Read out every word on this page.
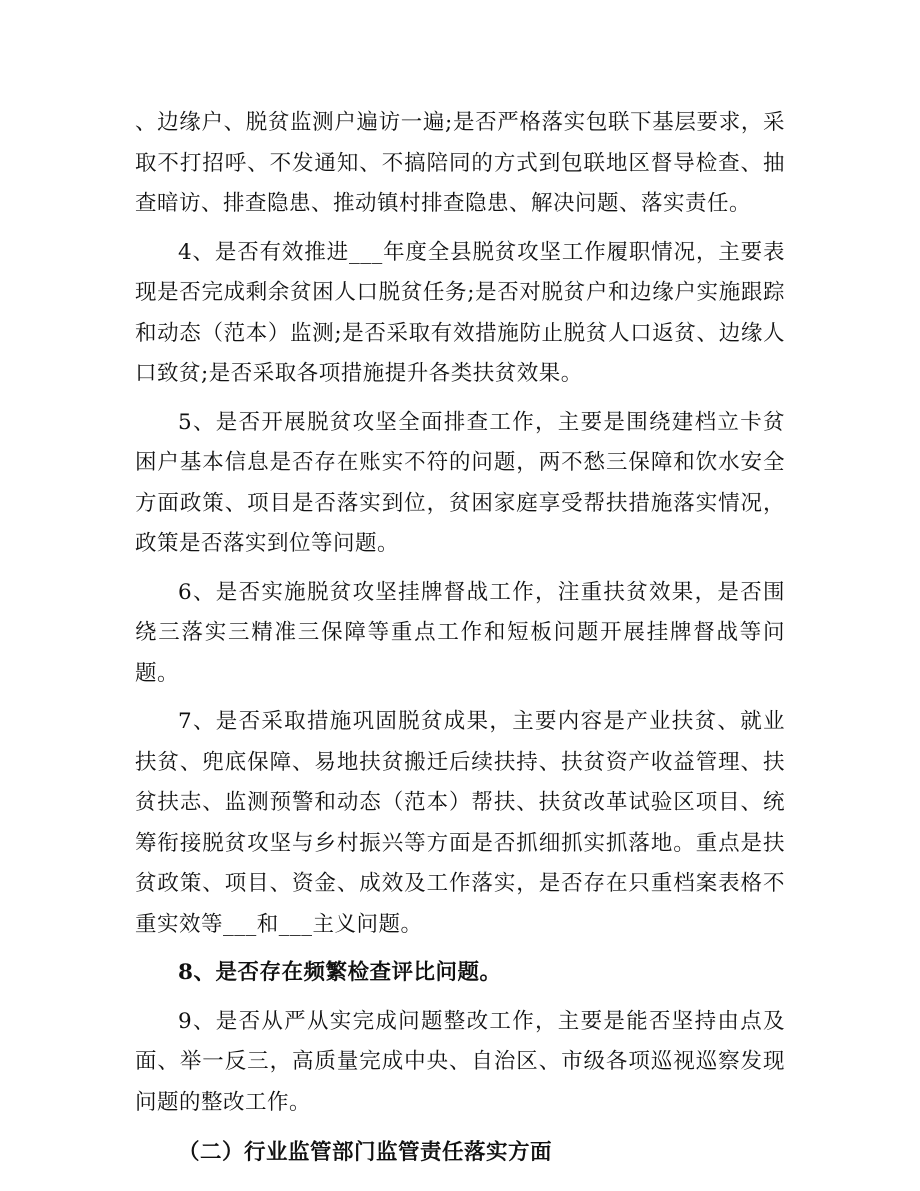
、边缘户、脱贫监测户遍访一遍;是否严格落实包联下基层要求，采取不打招呼、不发通知、不搞陪同的方式到包联地区督导检查、抽查暗访、排查隐患、推动镇村排查隐患、解决问题、落实责任。

4、是否有效推进___年度全县脱贫攻坚工作履职情况，主要表现是否完成剩余贫困人口脱贫任务;是否对脱贫户和边缘户实施跟踪和动态（范本）监测;是否采取有效措施防止脱贫人口返贫、边缘人口致贫;是否采取各项措施提升各类扶贫效果。

5、是否开展脱贫攻坚全面排查工作，主要是围绕建档立卡贫困户基本信息是否存在账实不符的问题，两不愁三保障和饮水安全方面政策、项目是否落实到位，贫困家庭享受帮扶措施落实情况，政策是否落实到位等问题。

6、是否实施脱贫攻坚挂牌督战工作，注重扶贫效果，是否围绕三落实三精准三保障等重点工作和短板问题开展挂牌督战等问题。

7、是否采取措施巩固脱贫成果，主要内容是产业扶贫、就业扶贫、兜底保障、易地扶贫搬迁后续扶持、扶贫资产收益管理、扶贫扶志、监测预警和动态（范本）帮扶、扶贫改革试验区项目、统筹衔接脱贫攻坚与乡村振兴等方面是否抓细抓实抓落地。重点是扶贫政策、项目、资金、成效及工作落实，是否存在只重档案表格不重实效等___和___主义问题。

8、是否存在频繁检查评比问题。

9、是否从严从实完成问题整改工作，主要是能否坚持由点及面、举一反三，高质量完成中央、自治区、市级各项巡视巡察发现问题的整改工作。

（二）行业监管部门监管责任落实方面
